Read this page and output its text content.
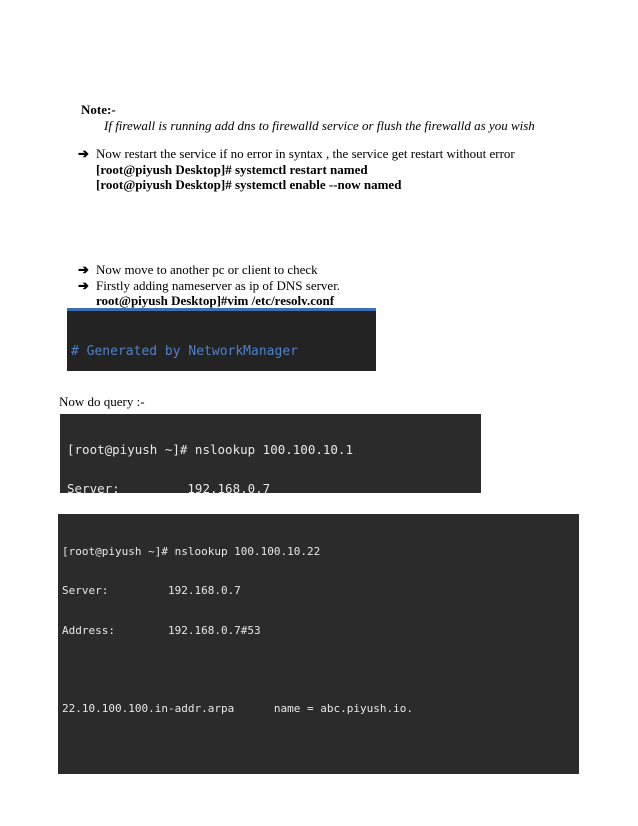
Note:-
If firewall is running add dns to firewalld service or flush the firewalld as you wish
➔ Now restart the service if no error in syntax , the service get restart without error
[root@piyush Desktop]# systemctl restart named
[root@piyush Desktop]# systemctl enable --now named
➔ Now move to another pc or client to check
➔ Firstly adding nameserver as ip of DNS server.
root@piyush Desktop]#vim /etc/resolv.conf

# Generated by NetworkManager

Now do query :-

[root@piyush ~]# nslookup 100.100.10.1

Server:         192.168.0.7

[root@piyush ~]# nslookup 100.100.10.22

Server:         192.168.0.7

Address:        192.168.0.7#53

22.10.100.100.in-addr.arpa      name = abc.piyush.io.
